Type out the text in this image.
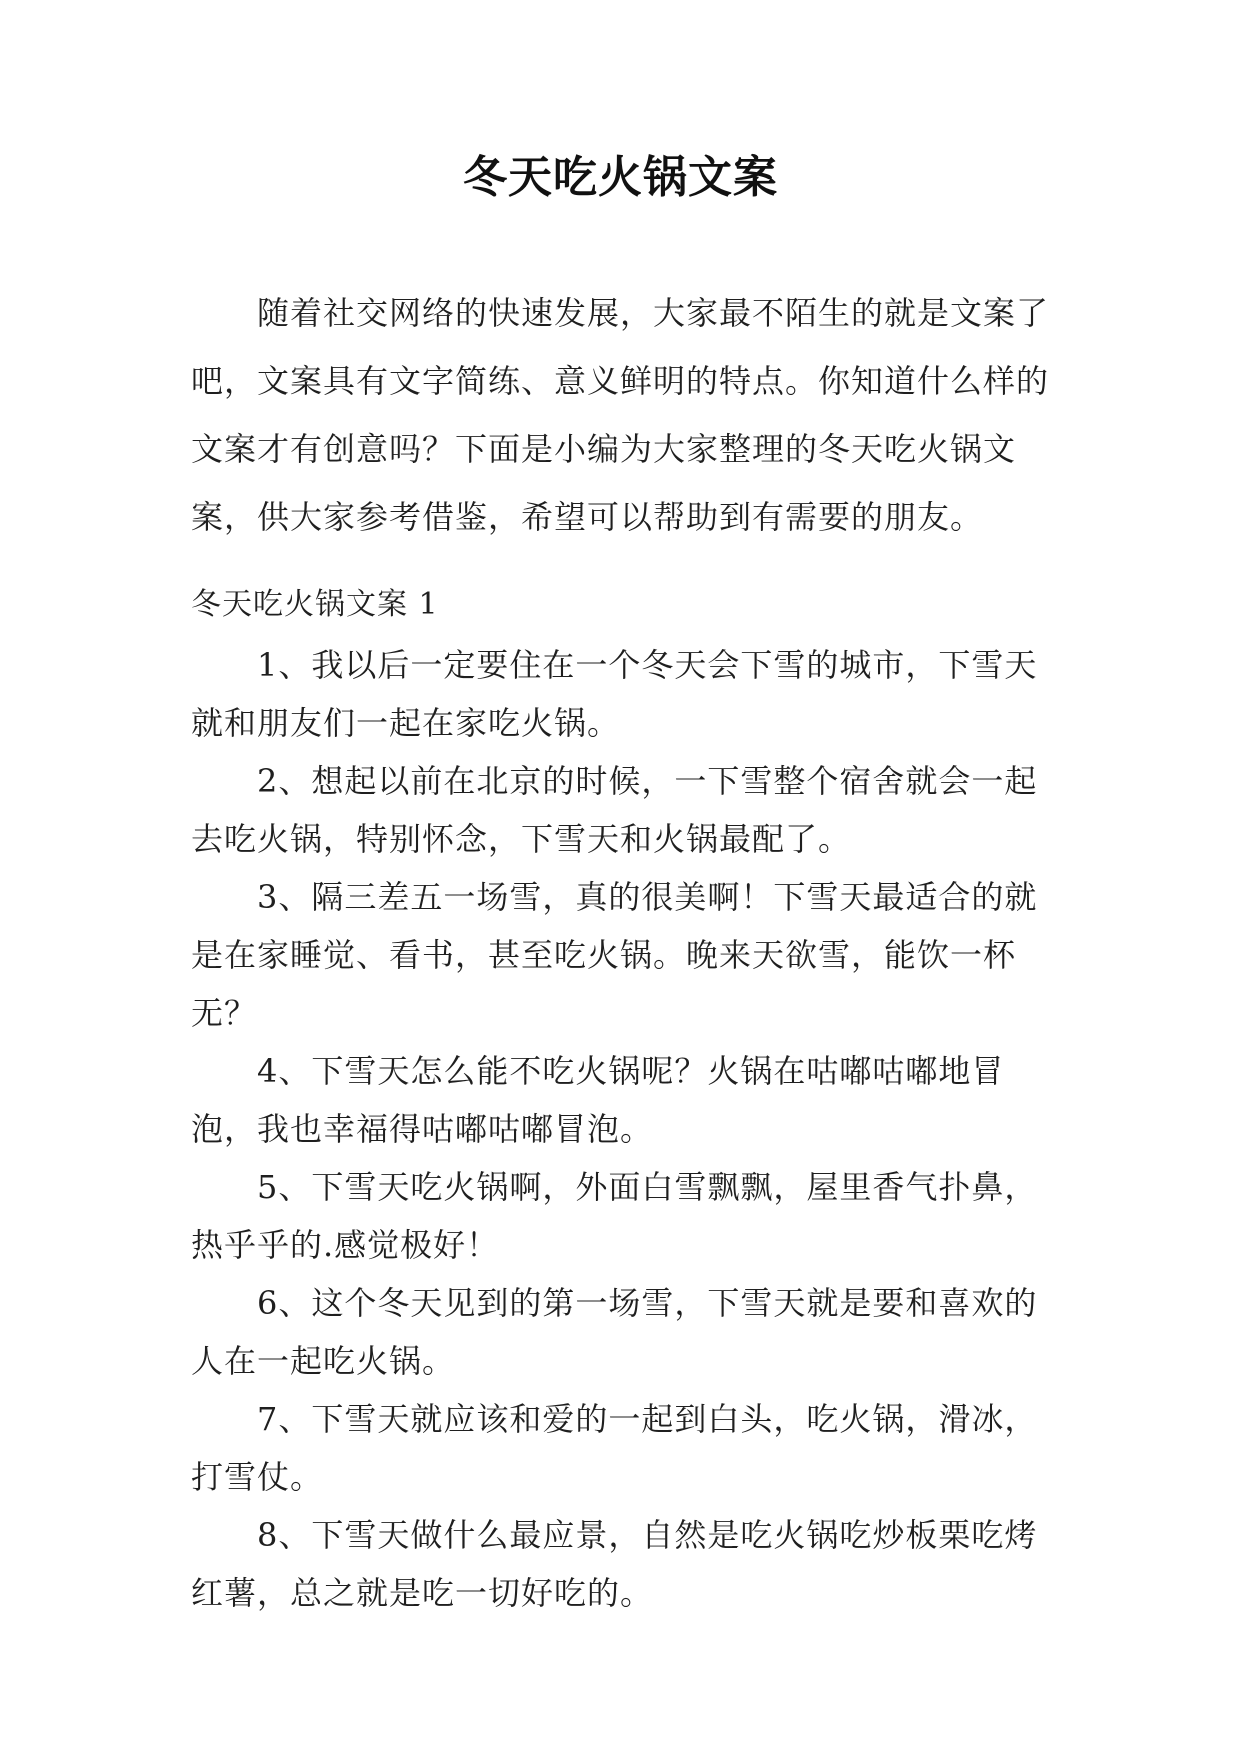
冬天吃火锅文案

随着社交网络的快速发展，大家最不陌生的就是文案了吧，文案具有文字简练、意义鲜明的特点。你知道什么样的文案才有创意吗？下面是小编为大家整理的冬天吃火锅文案，供大家参考借鉴，希望可以帮助到有需要的朋友。

冬天吃火锅文案 1
1、我以后一定要住在一个冬天会下雪的城市，下雪天就和朋友们一起在家吃火锅。
2、想起以前在北京的时候，一下雪整个宿舍就会一起去吃火锅，特别怀念，下雪天和火锅最配了。
3、隔三差五一场雪，真的很美啊！下雪天最适合的就是在家睡觉、看书，甚至吃火锅。晚来天欲雪，能饮一杯无？
4、下雪天怎么能不吃火锅呢？火锅在咕嘟咕嘟地冒泡，我也幸福得咕嘟咕嘟冒泡。
5、下雪天吃火锅啊，外面白雪飘飘，屋里香气扑鼻，热乎乎的.感觉极好！
6、这个冬天见到的第一场雪，下雪天就是要和喜欢的人在一起吃火锅。
7、下雪天就应该和爱的一起到白头，吃火锅，滑冰，打雪仗。
8、下雪天做什么最应景，自然是吃火锅吃炒板栗吃烤红薯，总之就是吃一切好吃的。
